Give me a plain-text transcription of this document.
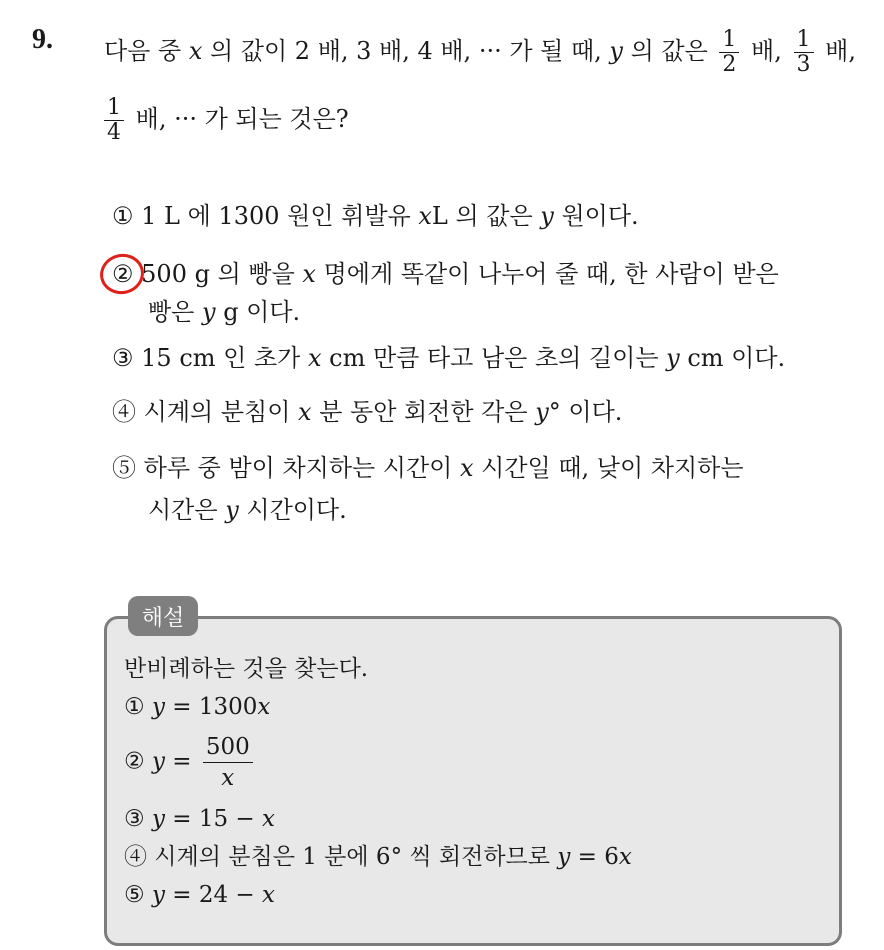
9. 다음 중 x 의 값이 2 배, 3 배, 4 배, ··· 가 될 때, y 의 값은 $\frac{1}{2}$ 배, $\frac{1}{3}$ 배,
$\frac{1}{4}$ 배, ··· 가 되는 것은?
① 1 L 에 1300 원인 휘발유 xL 의 값은 y 원이다.
② 500 g 의 빵을 x 명에게 똑같이 나누어 줄 때, 한 사람이 받은
빵은 y g 이다.
③ 15 cm 인 초가 x cm 만큼 타고 남은 초의 길이는 y cm 이다.
④ 시계의 분침이 x 분 동안 회전한 각은 y° 이다.
⑤ 하루 중 밤이 차지하는 시간이 x 시간일 때, 낮이 차지하는
시간은 y 시간이다.
해설
반비례하는 것을 찾는다.
① y = 1300x
② $y = \frac{500}{x}$
③ y = 15 − x
④ 시계의 분침은 1 분에 6° 씩 회전하므로 y = 6x
⑤ y = 24 − x
